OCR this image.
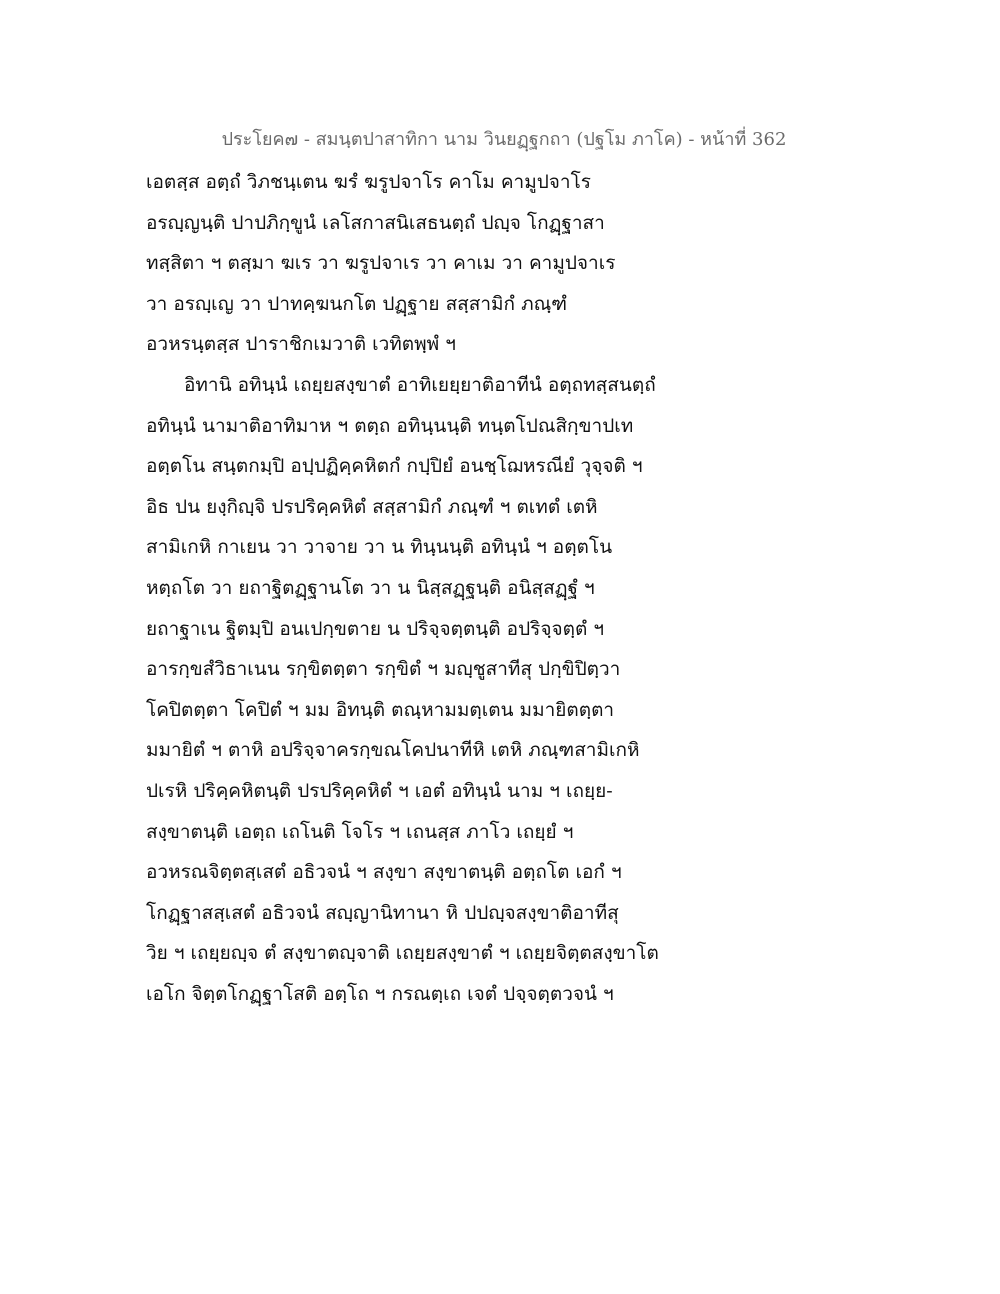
ประโยค๗ - สมนฺตปาสาทิกา นาม วินยฏฺฐกถา (ปฐโม ภาโค) - หน้าที่ 362
เอตสฺส อตฺถํ วิภชนฺเตน ฆรํ ฆรูปจาโร คาโม คามูปจาโร
อรญฺญนฺติ ปาปภิกฺขูนํ เลโสกาสนิเสธนตฺถํ ปญฺจ โกฏฺฐาสา
ทสฺสิตา ฯ ตสฺมา ฆเร วา ฆรูปจาเร วา คาเม วา คามูปจาเร
วา อรญฺเญ วา ปาทคฺฆนกโต ปฏฺฐาย สสฺสามิกํ ภณฺฑํ
อวหรนฺตสฺส ปาราชิกเมวาติ เวทิตพฺพํ ฯ
อิทานิ อทินฺนํ เถยฺยสงฺขาตํ อาทิเยยฺยาติอาทีนํ อตฺถทสฺสนตฺถํ
อทินฺนํ นามาติอาทิมาห ฯ ตตฺถ อทินฺนนฺติ ทนฺตโปณสิกฺขาปเท
อตฺตโน สนฺตกมฺปิ อปฺปฏิคฺคหิตกํ กปฺปิยํ อนชฺโฌหรณียํ วุจฺจติ ฯ
อิธ ปน ยงฺกิญฺจิ ปรปริคฺคหิตํ สสฺสามิกํ ภณฺฑํ ฯ ตเทตํ เตหิ
สามิเกหิ กาเยน วา วาจาย วา น ทินฺนนฺติ อทินฺนํ ฯ อตฺตโน
หตฺถโต วา ยถาฐิตฏฺฐานโต วา น นิสฺสฏฺฐนฺติ อนิสฺสฏฺฐํ ฯ
ยถาฐาเน ฐิตมฺปิ อนเปกฺขตาย น ปริจฺจตฺตนฺติ อปริจฺจตฺตํ ฯ
อารกฺขสํวิธาเนน รกฺขิตตฺตา รกฺขิตํ ฯ มญฺชูสาทีสุ ปกฺขิปิตฺวา
โคปิตตฺตา โคปิตํ ฯ มม อิทนฺติ ตณฺหามมตฺเตน มมายิตตฺตา
มมายิตํ ฯ ตาหิ อปริจฺจาครกฺขณโคปนาทีหิ เตหิ ภณฺฑสามิเกหิ
ปเรหิ ปริคฺคหิตนฺติ ปรปริคฺคหิตํ ฯ เอตํ อทินฺนํ นาม ฯ เถยฺย-
สงฺขาตนฺติ เอตฺถ เถโนติ โจโร ฯ เถนสฺส ภาโว เถยฺยํ ฯ
อวหรณจิตฺตสฺเสตํ อธิวจนํ ฯ สงฺขา สงฺขาตนฺติ อตฺถโต เอกํ ฯ
โกฏฺฐาสสฺเสตํ อธิวจนํ สญฺญานิทานา หิ ปปญฺจสงฺขาติอาทีสุ
วิย ฯ เถยฺยญฺจ ตํ สงฺขาตญฺจาติ เถยฺยสงฺขาตํ ฯ เถยฺยจิตฺตสงฺขาโต
เอโก จิตฺตโกฏฺฐาโสติ อตฺโถ ฯ กรณตฺเถ เจตํ ปจฺจตฺตวจนํ ฯ
